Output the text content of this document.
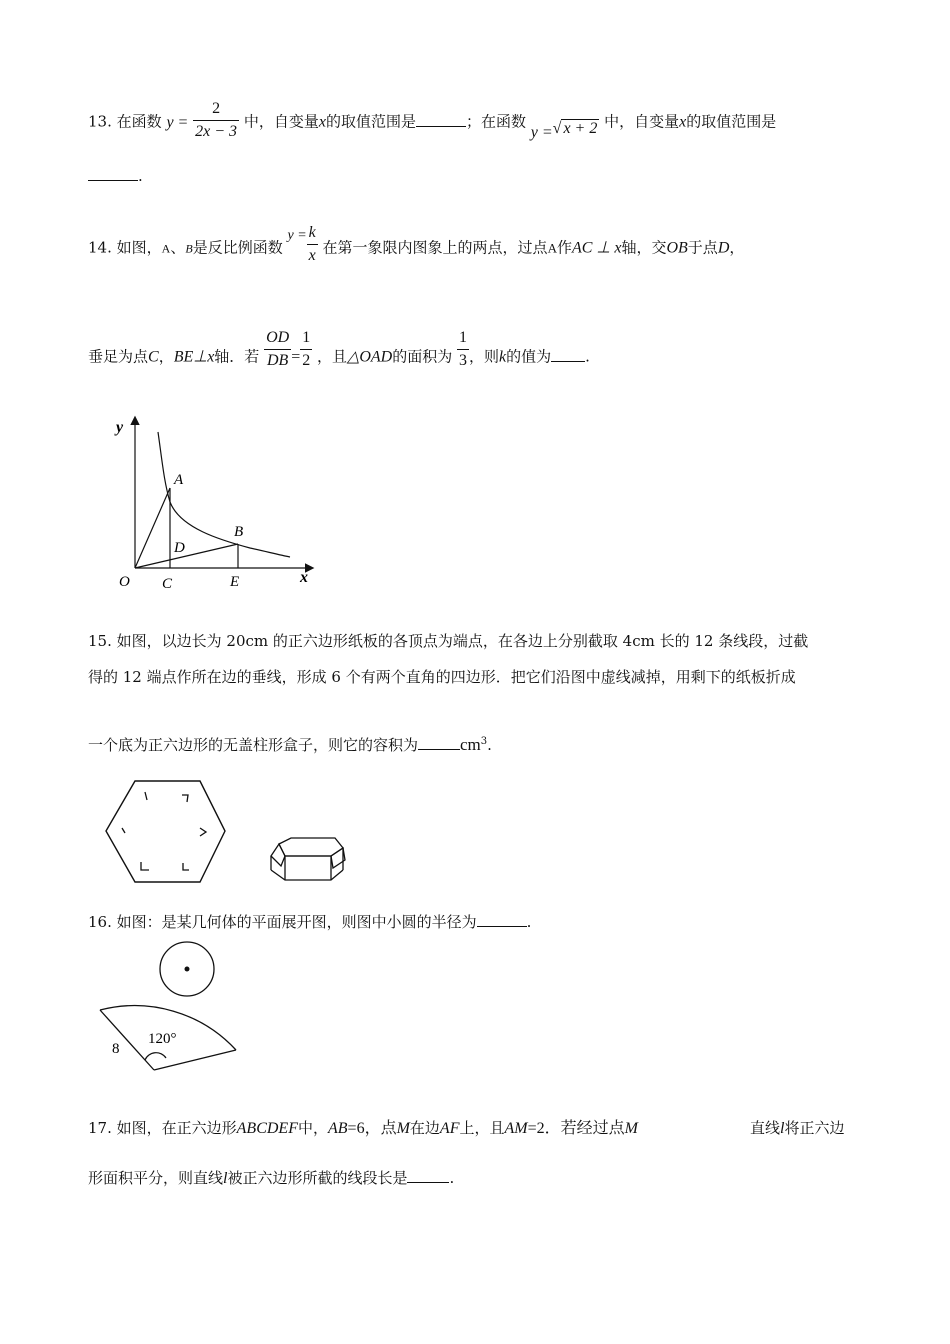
13. 在函数 $y = \frac{2}{2x - 3}$ 中，自变量x的取值范围是	；在函数 y =√ x + 2 中，自变量x的取值范围是
.
14. 如图，A、B是反比例函数 $y = \frac{k}{x}$ 在第一象限内图象上的两点，过点A作AC ⊥ x轴，交OB于点D，
垂足为点C，BE⊥x轴．若 $\frac{OD}{DB} = \frac{1}{2}$ ，且△OAD的面积为 $\frac{1}{3}$ ，则k的值为 .
y
x
A
B
D
O C	E
15. 如图，以边长为 20cm 的正六边形纸板的各顶点为端点，在各边上分别截取 4cm 长的 12 条线段，过截
得的 12 端点作所在边的垂线，形成 6 个有两个直角的四边形．把它们沿图中虚线减掉，用剩下的纸板折成
一个底为正六边形的无盖柱形盒子，则它的容积为 $cm^3$.
16. 如图：是某几何体的平面展开图，则图中小圆的半径为	.
8
120°
17. 如图，在正六边形ABCDEF中，AB=6，点M在边AF上，且AM=2．若经过点M	直线l将正六边
形面积平分，则直线l被正六边形所截的线段长是	.
